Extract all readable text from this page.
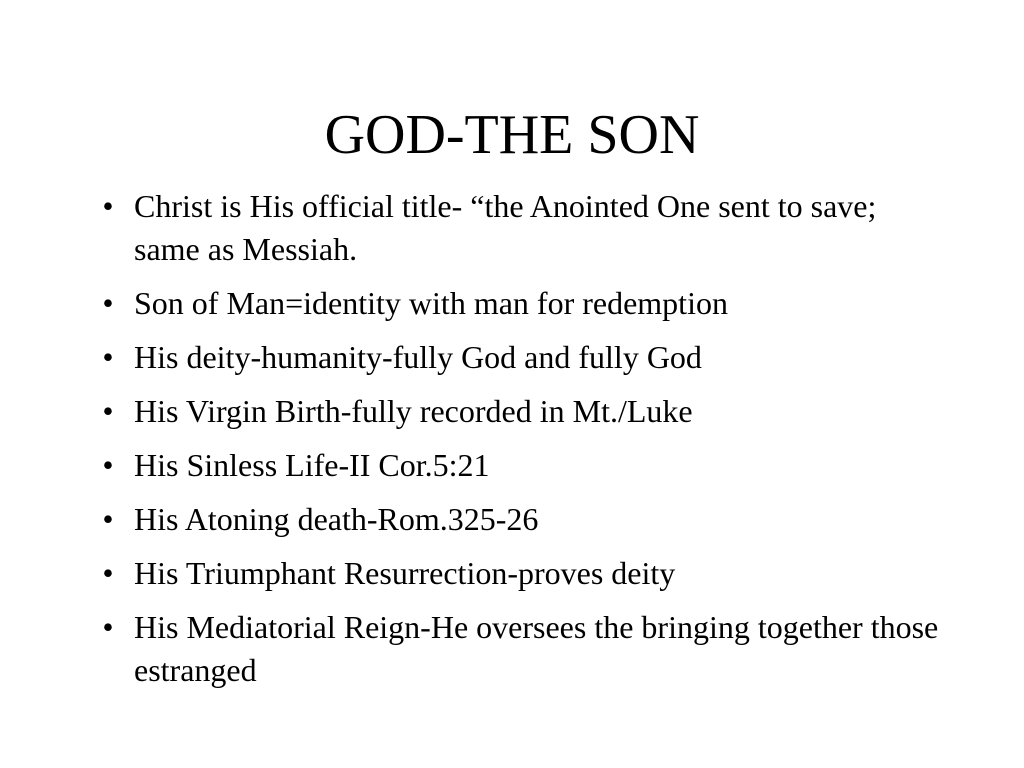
GOD-THE SON
• Christ is His official title- “the Anointed One sent to save; same as Messiah.
• Son of Man=identity with man for redemption
• His deity-humanity-fully God and fully God
• His Virgin Birth-fully recorded in Mt./Luke
• His Sinless Life-II Cor.5:21
• His Atoning death-Rom.325-26
• His Triumphant Resurrection-proves deity
• His Mediatorial Reign-He oversees the bringing together those estranged
